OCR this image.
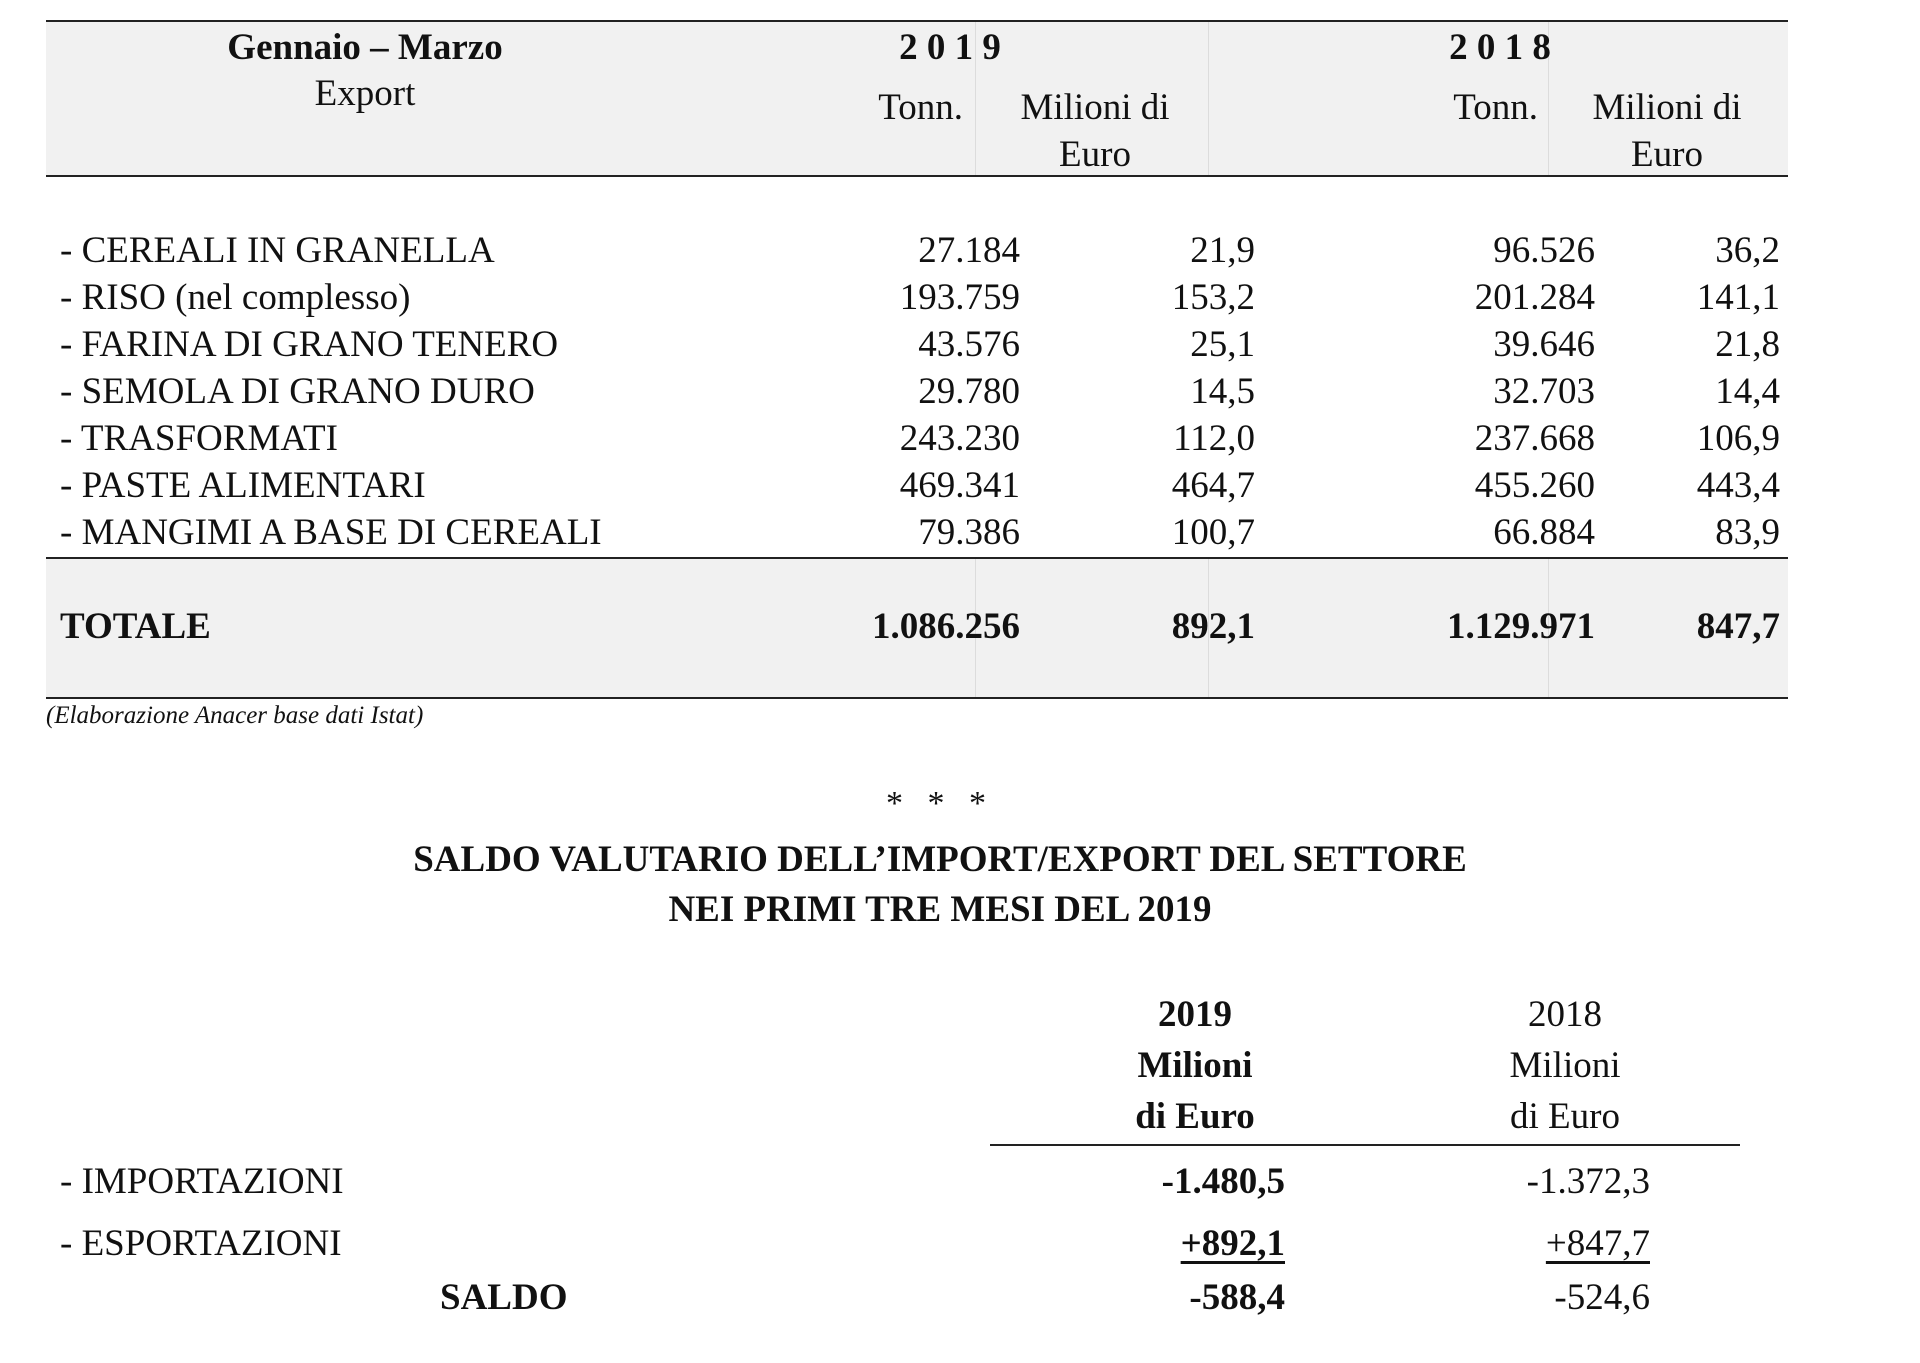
Gennaio – Marzo
Export
2 0 1 9	2 0 1 8
Tonn.	Milioni di
Euro
Tonn.	Milioni di
Euro
- CEREALI IN GRANELLA	27.184	21,9	96.526	36,2
- RISO (nel complesso)	193.759	153,2	201.284	141,1
- FARINA DI GRANO TENERO	43.576	25,1	39.646	21,8
- SEMOLA DI GRANO DURO	29.780	14,5	32.703	14,4
- TRASFORMATI	243.230	112,0	237.668	106,9
- PASTE ALIMENTARI	469.341	464,7	455.260	443,4
- MANGIMI A BASE DI CEREALI	79.386	100,7	66.884	83,9
TOTALE	1.086.256	892,1	1.129.971	847,7
(Elaborazione Anacer base dati Istat)
* * *
SALDO VALUTARIO DELL’IMPORT/EXPORT DEL SETTORE
NEI PRIMI TRE MESI DEL 2019
2019
Milioni
di Euro
2018
Milioni
di Euro
- IMPORTAZIONI	-1.480,5	-1.372,3
- ESPORTAZIONI	+892,1	+847,7
SALDO	-588,4	-524,6
